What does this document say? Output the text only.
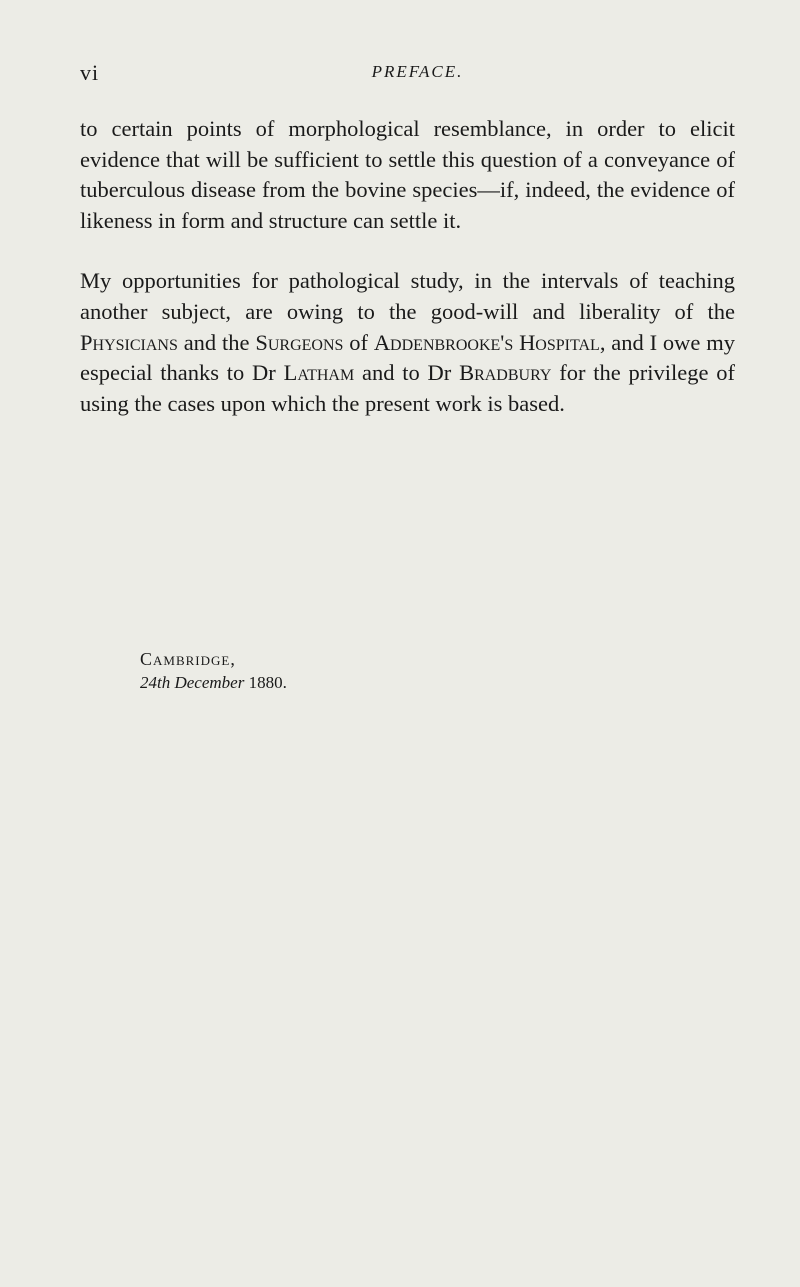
vi	PREFACE.

to certain points of morphological resemblance, in order to elicit evidence that will be sufficient to settle this question of a conveyance of tuberculous disease from the bovine species—if, indeed, the evidence of likeness in form and structure can settle it.

My opportunities for pathological study, in the intervals of teaching another subject, are owing to the good-will and liberality of the Physicians and the Surgeons of Addenbrooke's Hospital, and I owe my especial thanks to Dr Latham and to Dr Bradbury for the privilege of using the cases upon which the present work is based.

Cambridge,
24th December 1880.
